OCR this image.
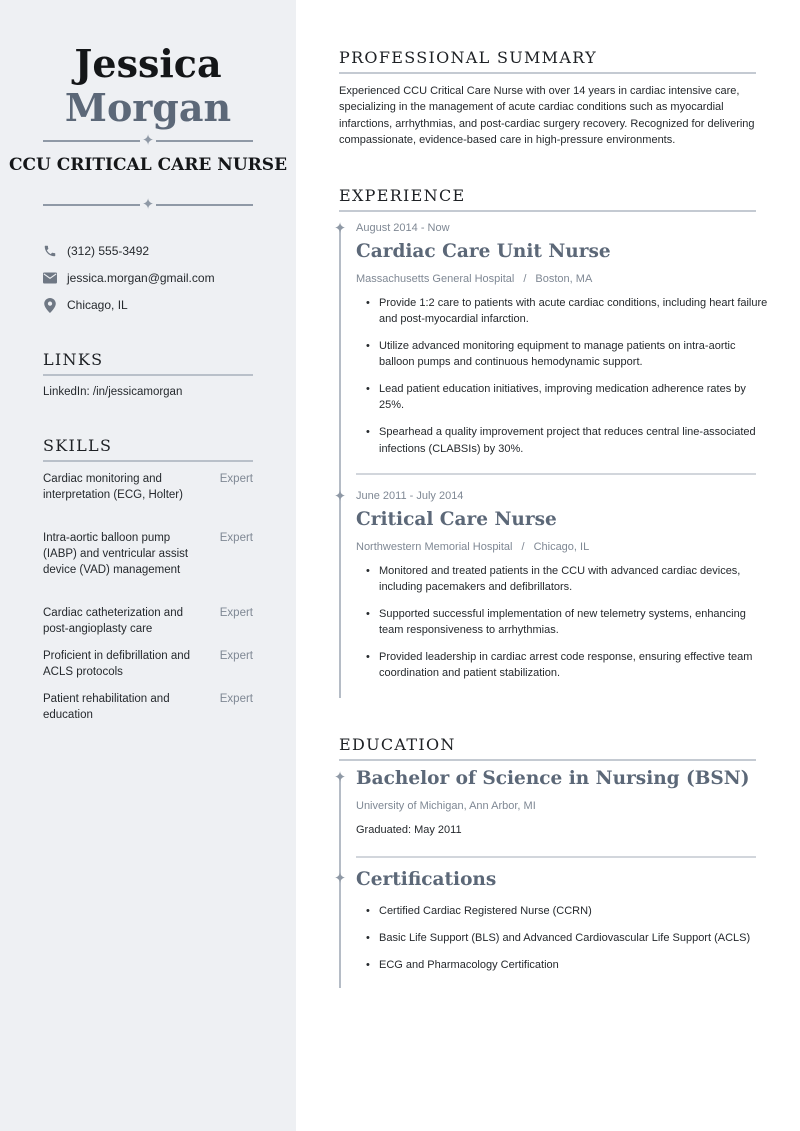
Jessica
Morgan
✦
CCU CRITICAL CARE NURSE
✦
(312) 555-3492
jessica.morgan@gmail.com
Chicago, IL
LINKS
LinkedIn: /in/jessicamorgan
SKILLS
Cardiac monitoring and interpretation (ECG, Holter)
Expert
Intra-aortic balloon pump (IABP) and ventricular assist device (VAD) management
Expert
Cardiac catheterization and post-angioplasty care
Expert
Proficient in defibrillation and ACLS protocols
Expert
Patient rehabilitation and education
Expert
PROFESSIONAL SUMMARY

Experienced CCU Critical Care Nurse with over 14 years in cardiac intensive care, specializing in the management of acute cardiac conditions such as myocardial infarctions, arrhythmias, and post-cardiac surgery recovery. Recognized for delivering compassionate, evidence-based care in high-pressure environments.

EXPERIENCE
✦ August 2014 - Now
Cardiac Care Unit Nurse
Massachusetts General Hospital / Boston, MA
• Provide 1:2 care to patients with acute cardiac conditions, including heart failure and post-myocardial infarction.
• Utilize advanced monitoring equipment to manage patients on intra-aortic balloon pumps and continuous hemodynamic support.
• Lead patient education initiatives, improving medication adherence rates by 25%.
• Spearhead a quality improvement project that reduces central line-associated infections (CLABSIs) by 30%.
✦ June 2011 - July 2014
Critical Care Nurse
Northwestern Memorial Hospital / Chicago, IL
• Monitored and treated patients in the CCU with advanced cardiac devices, including pacemakers and defibrillators.
• Supported successful implementation of new telemetry systems, enhancing team responsiveness to arrhythmias.
• Provided leadership in cardiac arrest code response, ensuring effective team coordination and patient stabilization.
EDUCATION
✦ Bachelor of Science in Nursing (BSN)
University of Michigan, Ann Arbor, MI
Graduated: May 2011
✦ Certifications
• Certified Cardiac Registered Nurse (CCRN)
• Basic Life Support (BLS) and Advanced Cardiovascular Life Support (ACLS)
• ECG and Pharmacology Certification
